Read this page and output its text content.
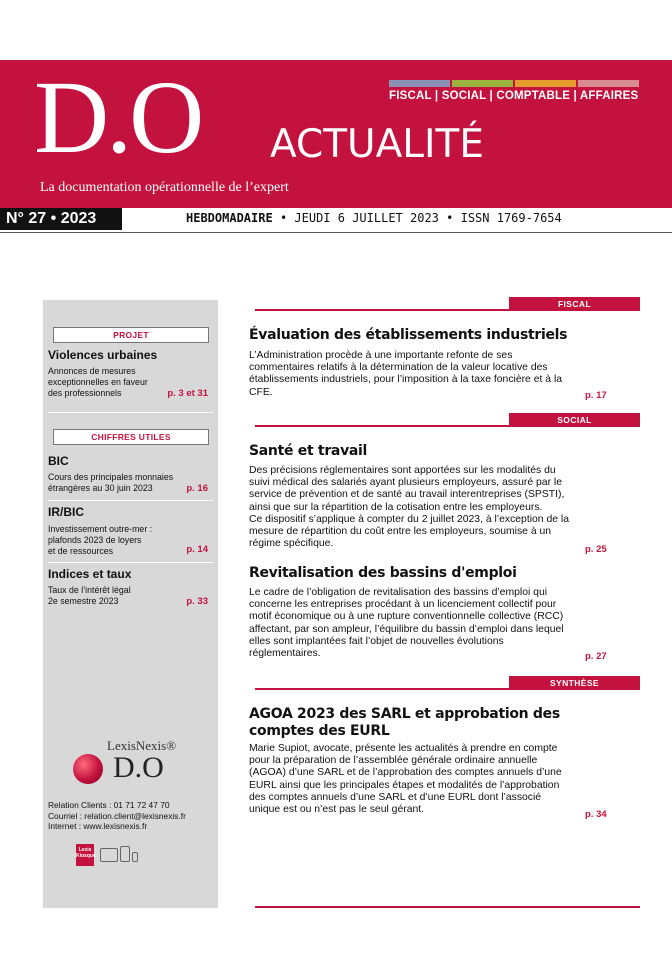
FISCAL | SOCIAL | COMPTABLE | AFFAIRES
D.O ACTUALITÉ
La documentation opérationnelle de l’expert
N° 27 • 2023	HEBDOMADAIRE • JEUDI 6 JUILLET 2023 • ISSN 1769-7654
PROJET
Violences urbaines
Annonces de mesures
exceptionnelles en faveur
des professionnels	p. 3 et 31
CHIFFRES UTILES
BIC
Cours des principales monnaies
étrangères au 30 juin 2023	p. 16
IR/BIC
Investissement outre-mer :
plafonds 2023 de loyers
et de ressources	p. 14
Indices et taux
Taux de l’intérêt légal
2e semestre 2023	p. 33
LexisNexis®
D.O
Relation Clients : 01 71 72 47 70
Courriel : relation.client@lexisnexis.fr
Internet : www.lexisnexis.fr
Lexis
Kiosque
FISCAL
Évaluation des établissements industriels
L’Administration procède à une importante refonte de ses
commentaires relatifs à la détermination de la valeur locative des
établissements industriels, pour l’imposition à la taxe foncière et à la
CFE.	p. 17
SOCIAL
Santé et travail
Des précisions réglementaires sont apportées sur les modalités du
suivi médical des salariés ayant plusieurs employeurs, assuré par le
service de prévention et de santé au travail interentreprises (SPSTI),
ainsi que sur la répartition de la cotisation entre les employeurs.
Ce dispositif s’applique à compter du 2 juillet 2023, à l’exception de la
mesure de répartition du coût entre les employeurs, soumise à un
régime spécifique.
p. 25
Revitalisation des bassins d'emploi
Le cadre de l’obligation de revitalisation des bassins d’emploi qui
concerne les entreprises procédant à un licenciement collectif pour
motif économique ou à une rupture conventionnelle collective (RCC)
affectant, par son ampleur, l’équilibre du bassin d’emploi dans lequel
elles sont implantées fait l’objet de nouvelles évolutions
réglementaires.	p. 27
SYNTHÈSE
AGOA 2023 des SARL et approbation des
comptes des EURL
Marie Supiot, avocate, présente les actualités à prendre en compte
pour la préparation de l’assemblée générale ordinaire annuelle
(AGOA) d’une SARL et de l’approbation des comptes annuels d’une
EURL ainsi que les principales étapes et modalités de l’approbation
des comptes annuels d’une SARL et d’une EURL dont l’associé
unique est ou n’est pas le seul gérant.	p. 34
